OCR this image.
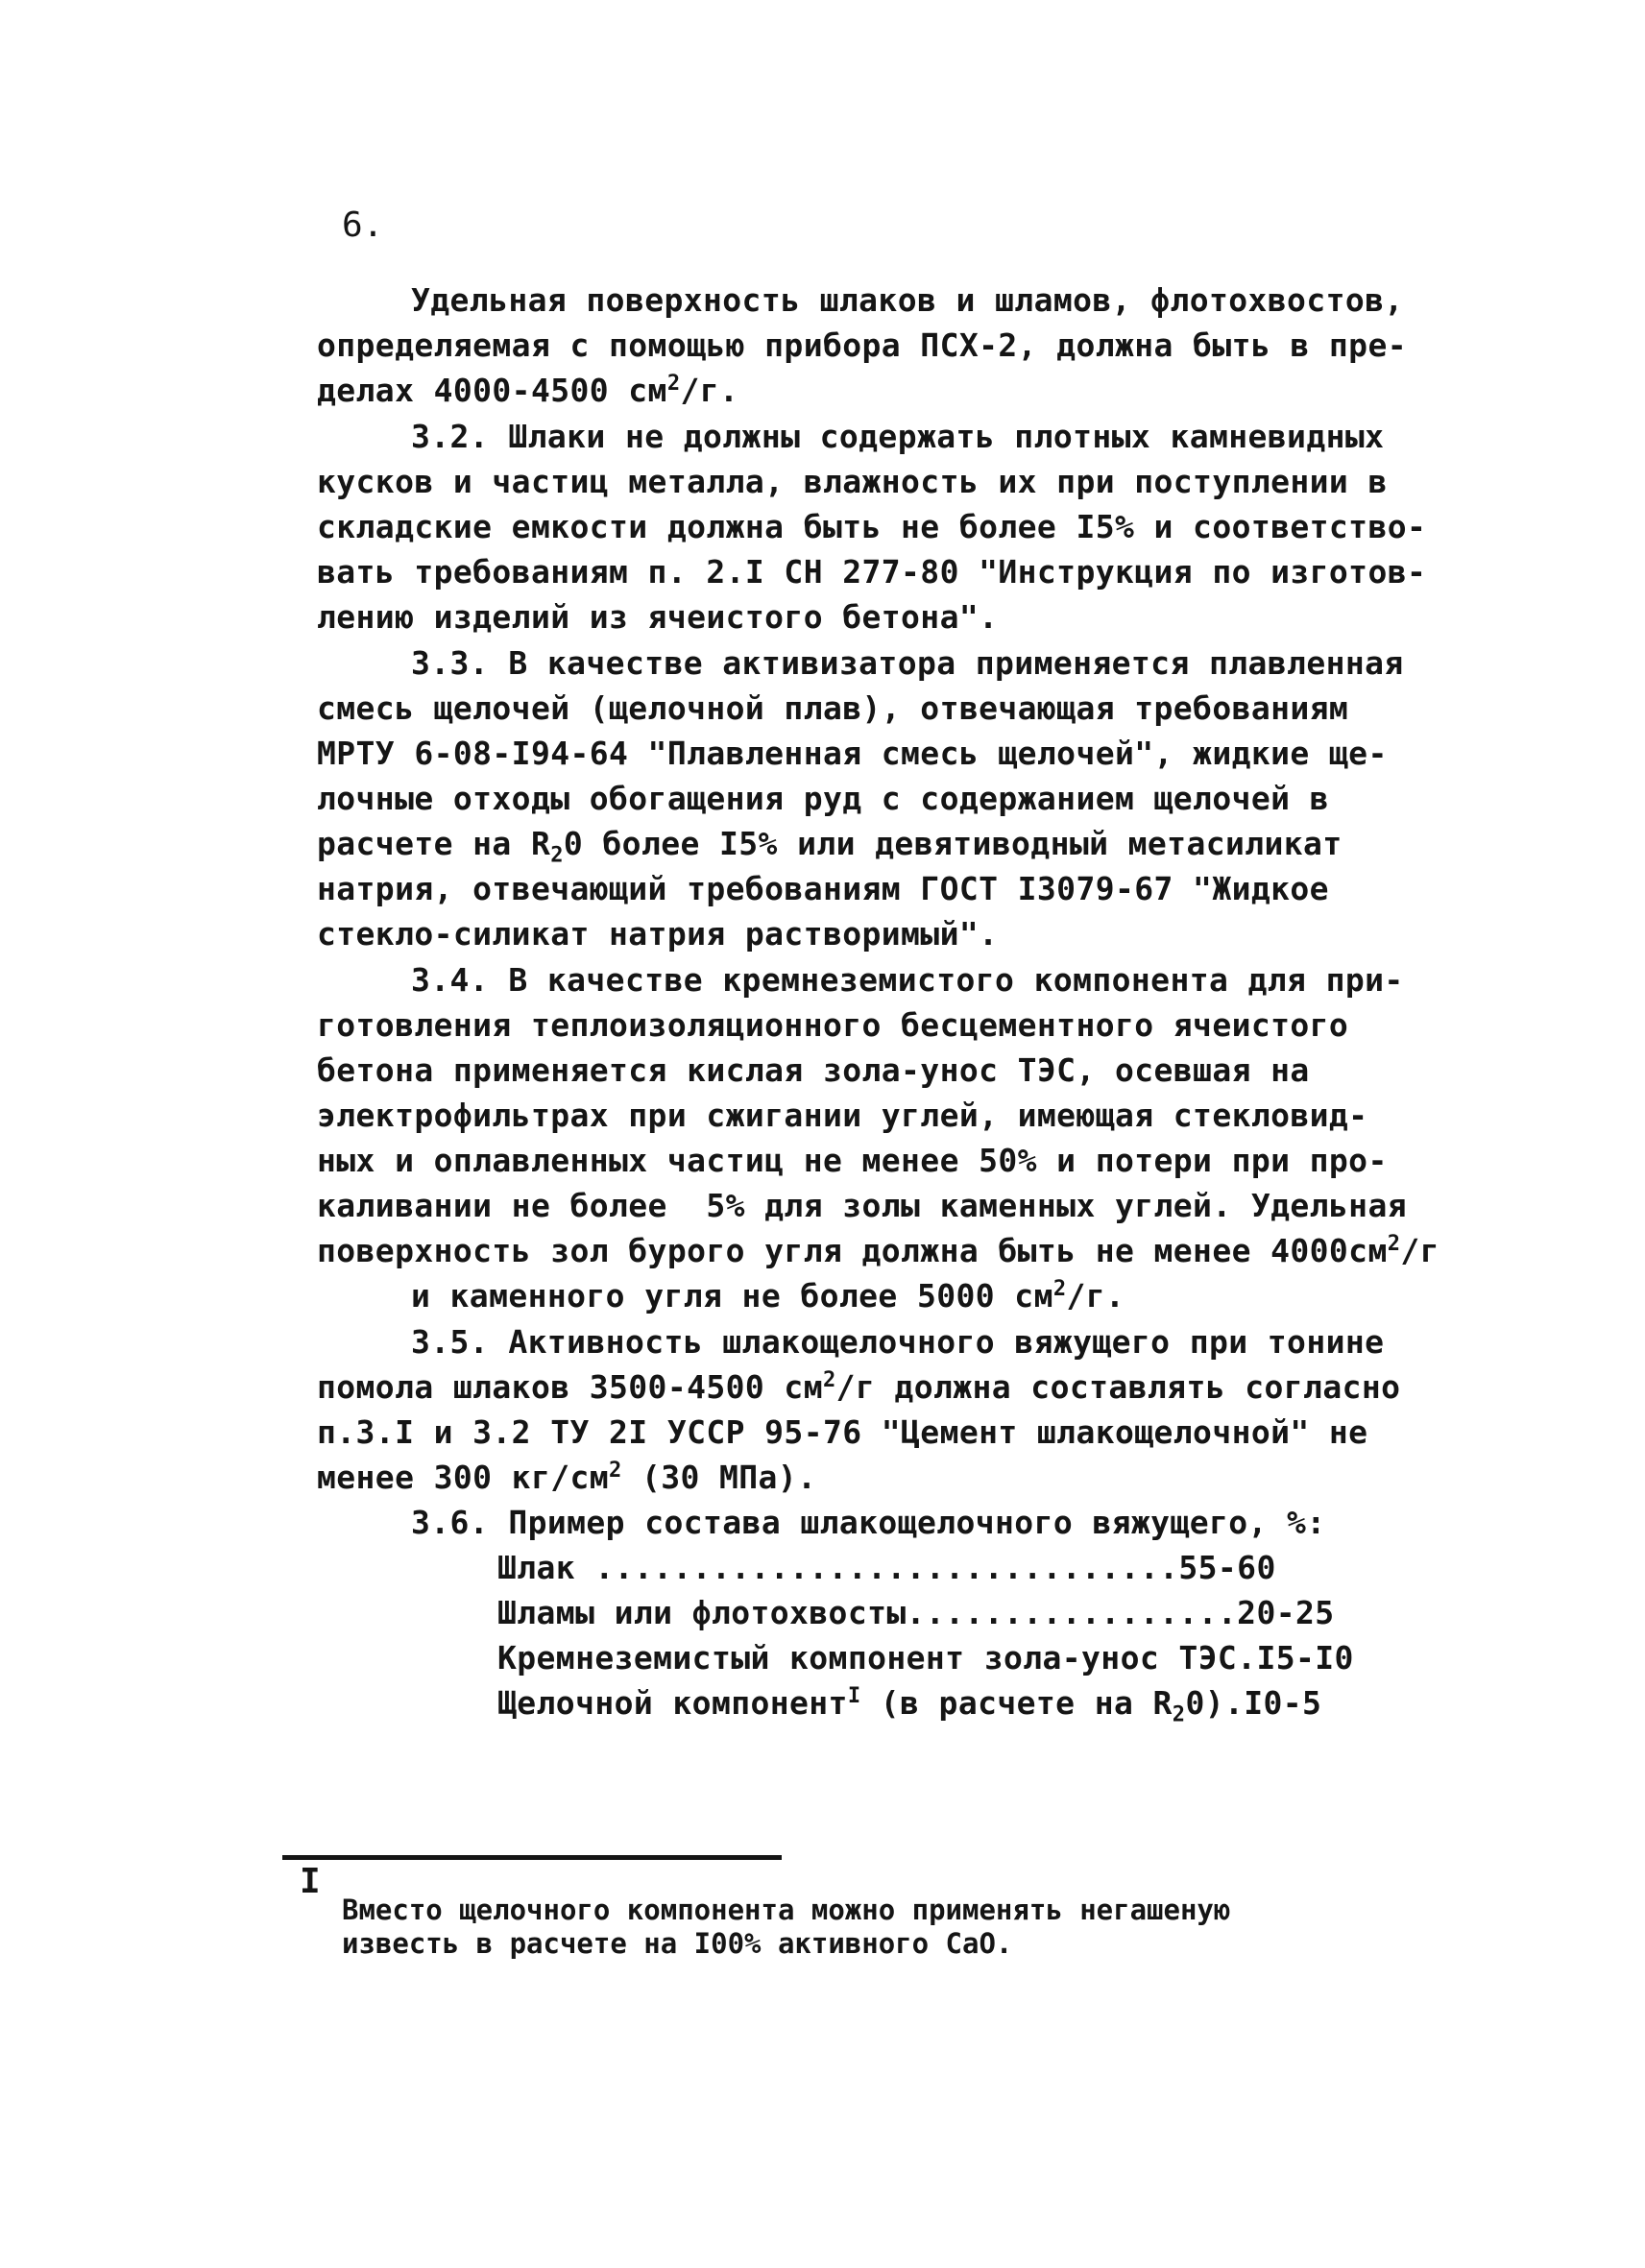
6.
Удельная поверхность шлаков и шламов, флотохвостов,
определяемая с помощью прибора ПСХ-2, должна быть в пре-
делах 4000-4500 $см^2/г$.
3.2. Шлаки не должны содержать плотных камневидных
кусков и частиц металла, влажность их при поступлении в
складские емкости должна быть не более I5% и соответство-
вать требованиям п. 2.I СН 277-80 "Инструкция по изготов-
лению изделий из ячеистого бетона".
3.3. В качестве активизатора применяется плавленная
смесь щелочей (щелочной плав), отвечающая требованиям
МРТУ 6-08-I94-64 "Плавленная смесь щелочей", жидкие ще-
лочные отходы обогащения руд с содержанием щелочей в
расчете на $R_20$ более I5% или девятиводный метасиликат
натрия, отвечающий требованиям ГОСТ I3079-67 "Жидкое
стекло-силикат натрия растворимый".
3.4. В качестве кремнеземистого компонента для при-
готовления теплоизоляционного бесцементного ячеистого
бетона применяется кислая зола-унос ТЭС, осевшая на
электрофильтрах при сжигании углей, имеющая стекловид-
ных и оплавленных частиц не менее 50% и потери при про-
каливании не более  5% для золы каменных углей. Удельная
поверхность зол бурого угля должна быть не менее $4000см^2/г$
и каменного угля не более 5000 $см^2/г$.
3.5. Активность шлакощелочного вяжущего при тонине
помола шлаков 3500-4500 $см^2/г$ должна составлять согласно
п.3.I и 3.2 ТУ 2I УССР 95-76 "Цемент шлакощелочной" не
менее 300 $кг/см^2$ (30 МПа).
3.6. Пример состава шлакощелочного вяжущего, %:
Шлак ..............................55-60
Шламы или флотохвосты.................20-25
Кремнеземистый компонент зола-унос ТЭС.I5-I0
Щелочной компонент$^I$ (в расчете на $R_20).I0-5$
I
Вместо щелочного компонента можно применять негашеную
известь в расчете на I00% активного СаО.
